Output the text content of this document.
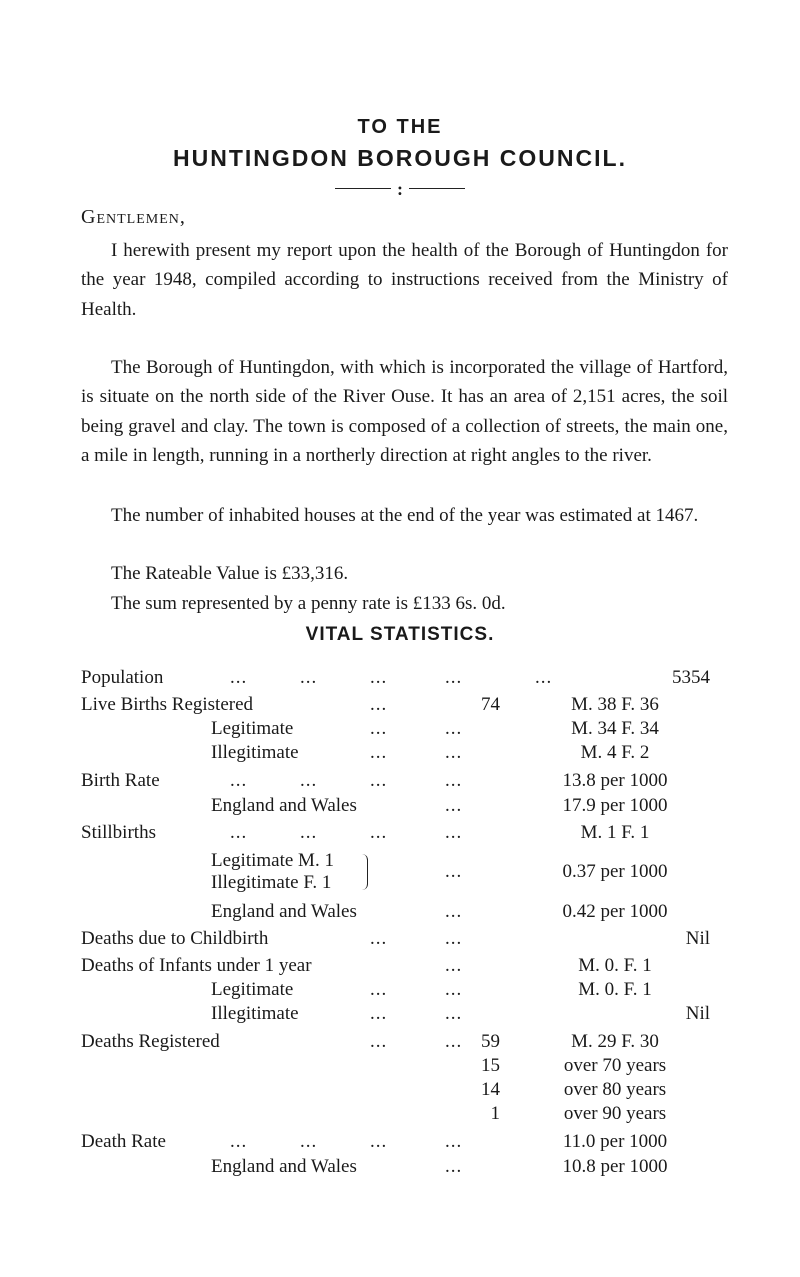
TO THE
HUNTINGDON BOROUGH COUNCIL.
:
Gentlemen,
I herewith present my report upon the health of the Borough of Huntingdon for the year 1948, compiled according to instructions received from the Ministry of Health.
The Borough of Huntingdon, with which is incorporated the village of Hartford, is situate on the north side of the River Ouse. It has an area of 2,151 acres, the soil being gravel and clay. The town is composed of a collection of streets, the main one, a mile in length, running in a northerly direction at right angles to the river.
The number of inhabited houses at the end of the year was estimated at 1467.
The Rateable Value is £33,316.
The sum represented by a penny rate is £133 6s. 0d.
VITAL STATISTICS.
Population	...	...	...	...	...	5354
Live Births Registered	...	74	M. 38 F. 36
Legitimate	...	...	M. 34 F. 34
Illegitimate	...	...	M. 4 F. 2
Birth Rate	...	...	...	...	13.8 per 1000
England and Wales	...	17.9 per 1000
Stillbirths	...	...	...	...	M. 1 F. 1
Legitimate M. 1
Illegitimate F. 1
...	0.37 per 1000
England and Wales	...	0.42 per 1000
Deaths due to Childbirth	...	...	Nil
Deaths of Infants under 1 year	...	M. 0. F. 1
Legitimate	...	...	M. 0. F. 1
Illegitimate	...	...	Nil
Deaths Registered	...	... 59	M. 29 F. 30
15	over 70 years
14	over 80 years
1	over 90 years
Death Rate	...	...	...	...	11.0 per 1000
England and Wales	...	10.8 per 1000
